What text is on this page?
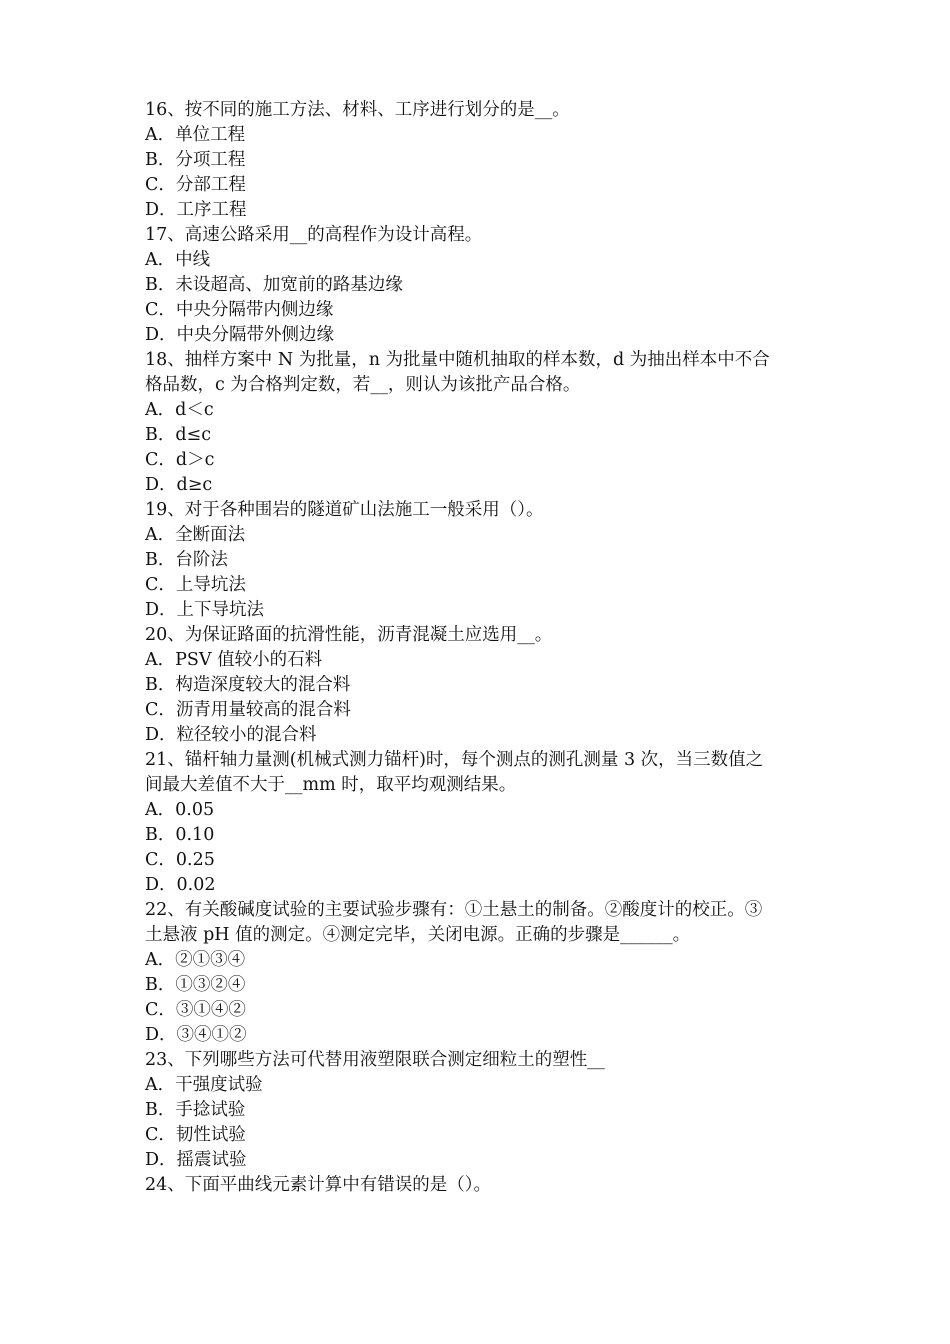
16、按不同的施工方法、材料、工序进行划分的是__。
A．单位工程
B．分项工程
C．分部工程
D．工序工程
17、高速公路采用__的高程作为设计高程。
A．中线
B．未设超高、加宽前的路基边缘
C．中央分隔带内侧边缘
D．中央分隔带外侧边缘
18、抽样方案中 N 为批量，n 为批量中随机抽取的样本数，d 为抽出样本中不合
格品数，c 为合格判定数，若__，则认为该批产品合格。
A．d＜c
B．d≤c
C．d＞c
D．d≥c
19、对于各种围岩的隧道矿山法施工一般采用（）。
A．全断面法
B．台阶法
C．上导坑法
D．上下导坑法
20、为保证路面的抗滑性能，沥青混凝土应选用__。
A．PSV 值较小的石料
B．构造深度较大的混合料
C．沥青用量较高的混合料
D．粒径较小的混合料
21、锚杆轴力量测(机械式测力锚杆)时，每个测点的测孔测量 3 次，当三数值之
间最大差值不大于__mm 时，取平均观测结果。
A．0.05
B．0.10
C．0.25
D．0.02
22、有关酸碱度试验的主要试验步骤有：①土悬土的制备。②酸度计的校正。③
土悬液 pH 值的测定。④测定完毕，关闭电源。正确的步骤是______。
A．②①③④
B．①③②④
C．③①④②
D．③④①②
23、下列哪些方法可代替用液塑限联合测定细粒土的塑性__
A．干强度试验
B．手捻试验
C．韧性试验
D．摇震试验
24、下面平曲线元素计算中有错误的是（）。
